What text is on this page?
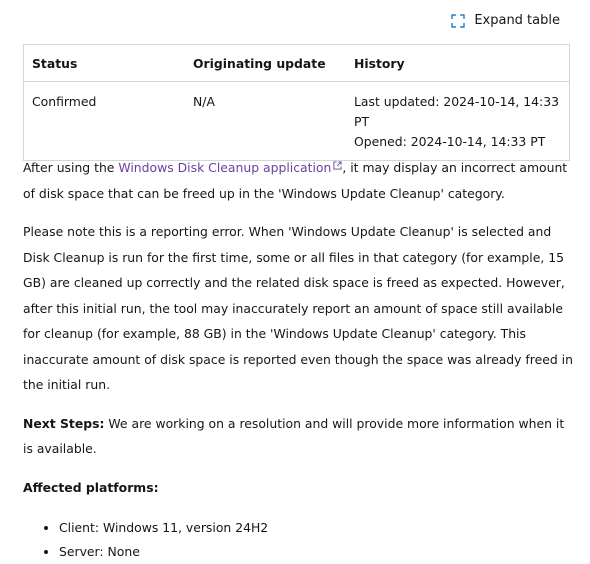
Expand table
Status	Originating update	History
Confirmed	N/A	Last updated: 2024-10-14, 14:33 PT
Opened: 2024-10-14, 14:33 PT

After using the Windows Disk Cleanup application , it may display an incorrect amount of disk space that can be freed up in the 'Windows Update Cleanup' category.

Please note this is a reporting error. When 'Windows Update Cleanup' is selected and Disk Cleanup is run for the first time, some or all files in that category (for example, 15 GB) are cleaned up correctly and the related disk space is freed as expected. However, after this initial run, the tool may inaccurately report an amount of space still available for cleanup (for example, 88 GB) in the 'Windows Update Cleanup' category. This inaccurate amount of disk space is reported even though the space was already freed in the initial run.

Next Steps: We are working on a resolution and will provide more information when it is available.

Affected platforms:

• Client: Windows 11, version 24H2
• Server: None
